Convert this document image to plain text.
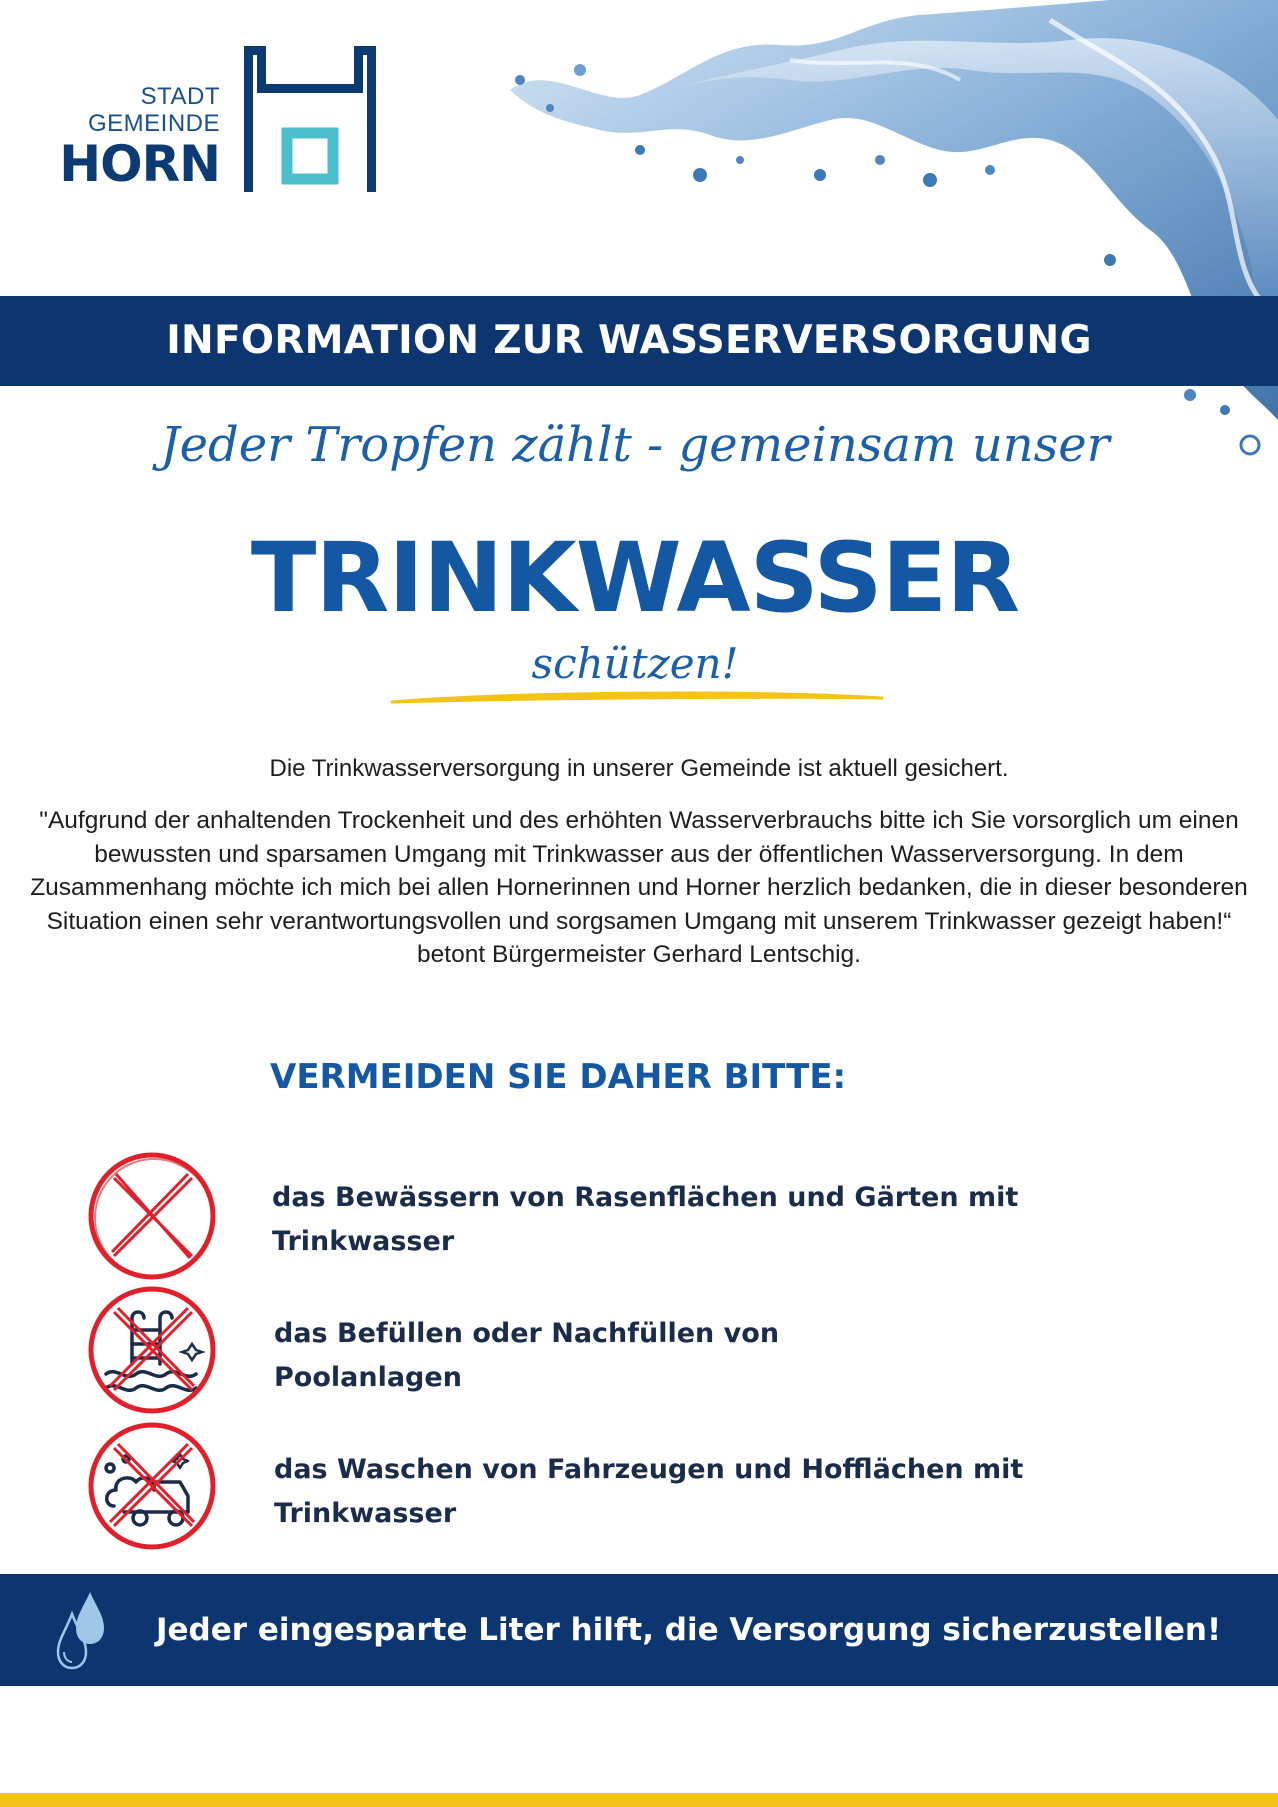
STADT
GEMEINDE
HORN
INFORMATION ZUR WASSERVERSORGUNG
Jeder Tropfen zählt - gemeinsam unser
TRINKWASSER
schützen!
Die Trinkwasserversorgung in unserer Gemeinde ist aktuell gesichert.
"Aufgrund der anhaltenden Trockenheit und des erhöhten Wasserverbrauchs bitte ich Sie vorsorglich um einen bewussten und sparsamen Umgang mit Trinkwasser aus der öffentlichen Wasserversorgung. In dem Zusammenhang möchte ich mich bei allen Hornerinnen und Horner herzlich bedanken, die in dieser besonderen Situation einen sehr verantwortungsvollen und sorgsamen Umgang mit unserem Trinkwasser gezeigt haben!“ betont Bürgermeister Gerhard Lentschig.
VERMEIDEN SIE DAHER BITTE:
das Bewässern von Rasenflächen und Gärten mit
Trinkwasser
das Befüllen oder Nachfüllen von
Poolanlagen
das Waschen von Fahrzeugen und Hofflächen mit
Trinkwasser
Jeder eingesparte Liter hilft, die Versorgung sicherzustellen!
